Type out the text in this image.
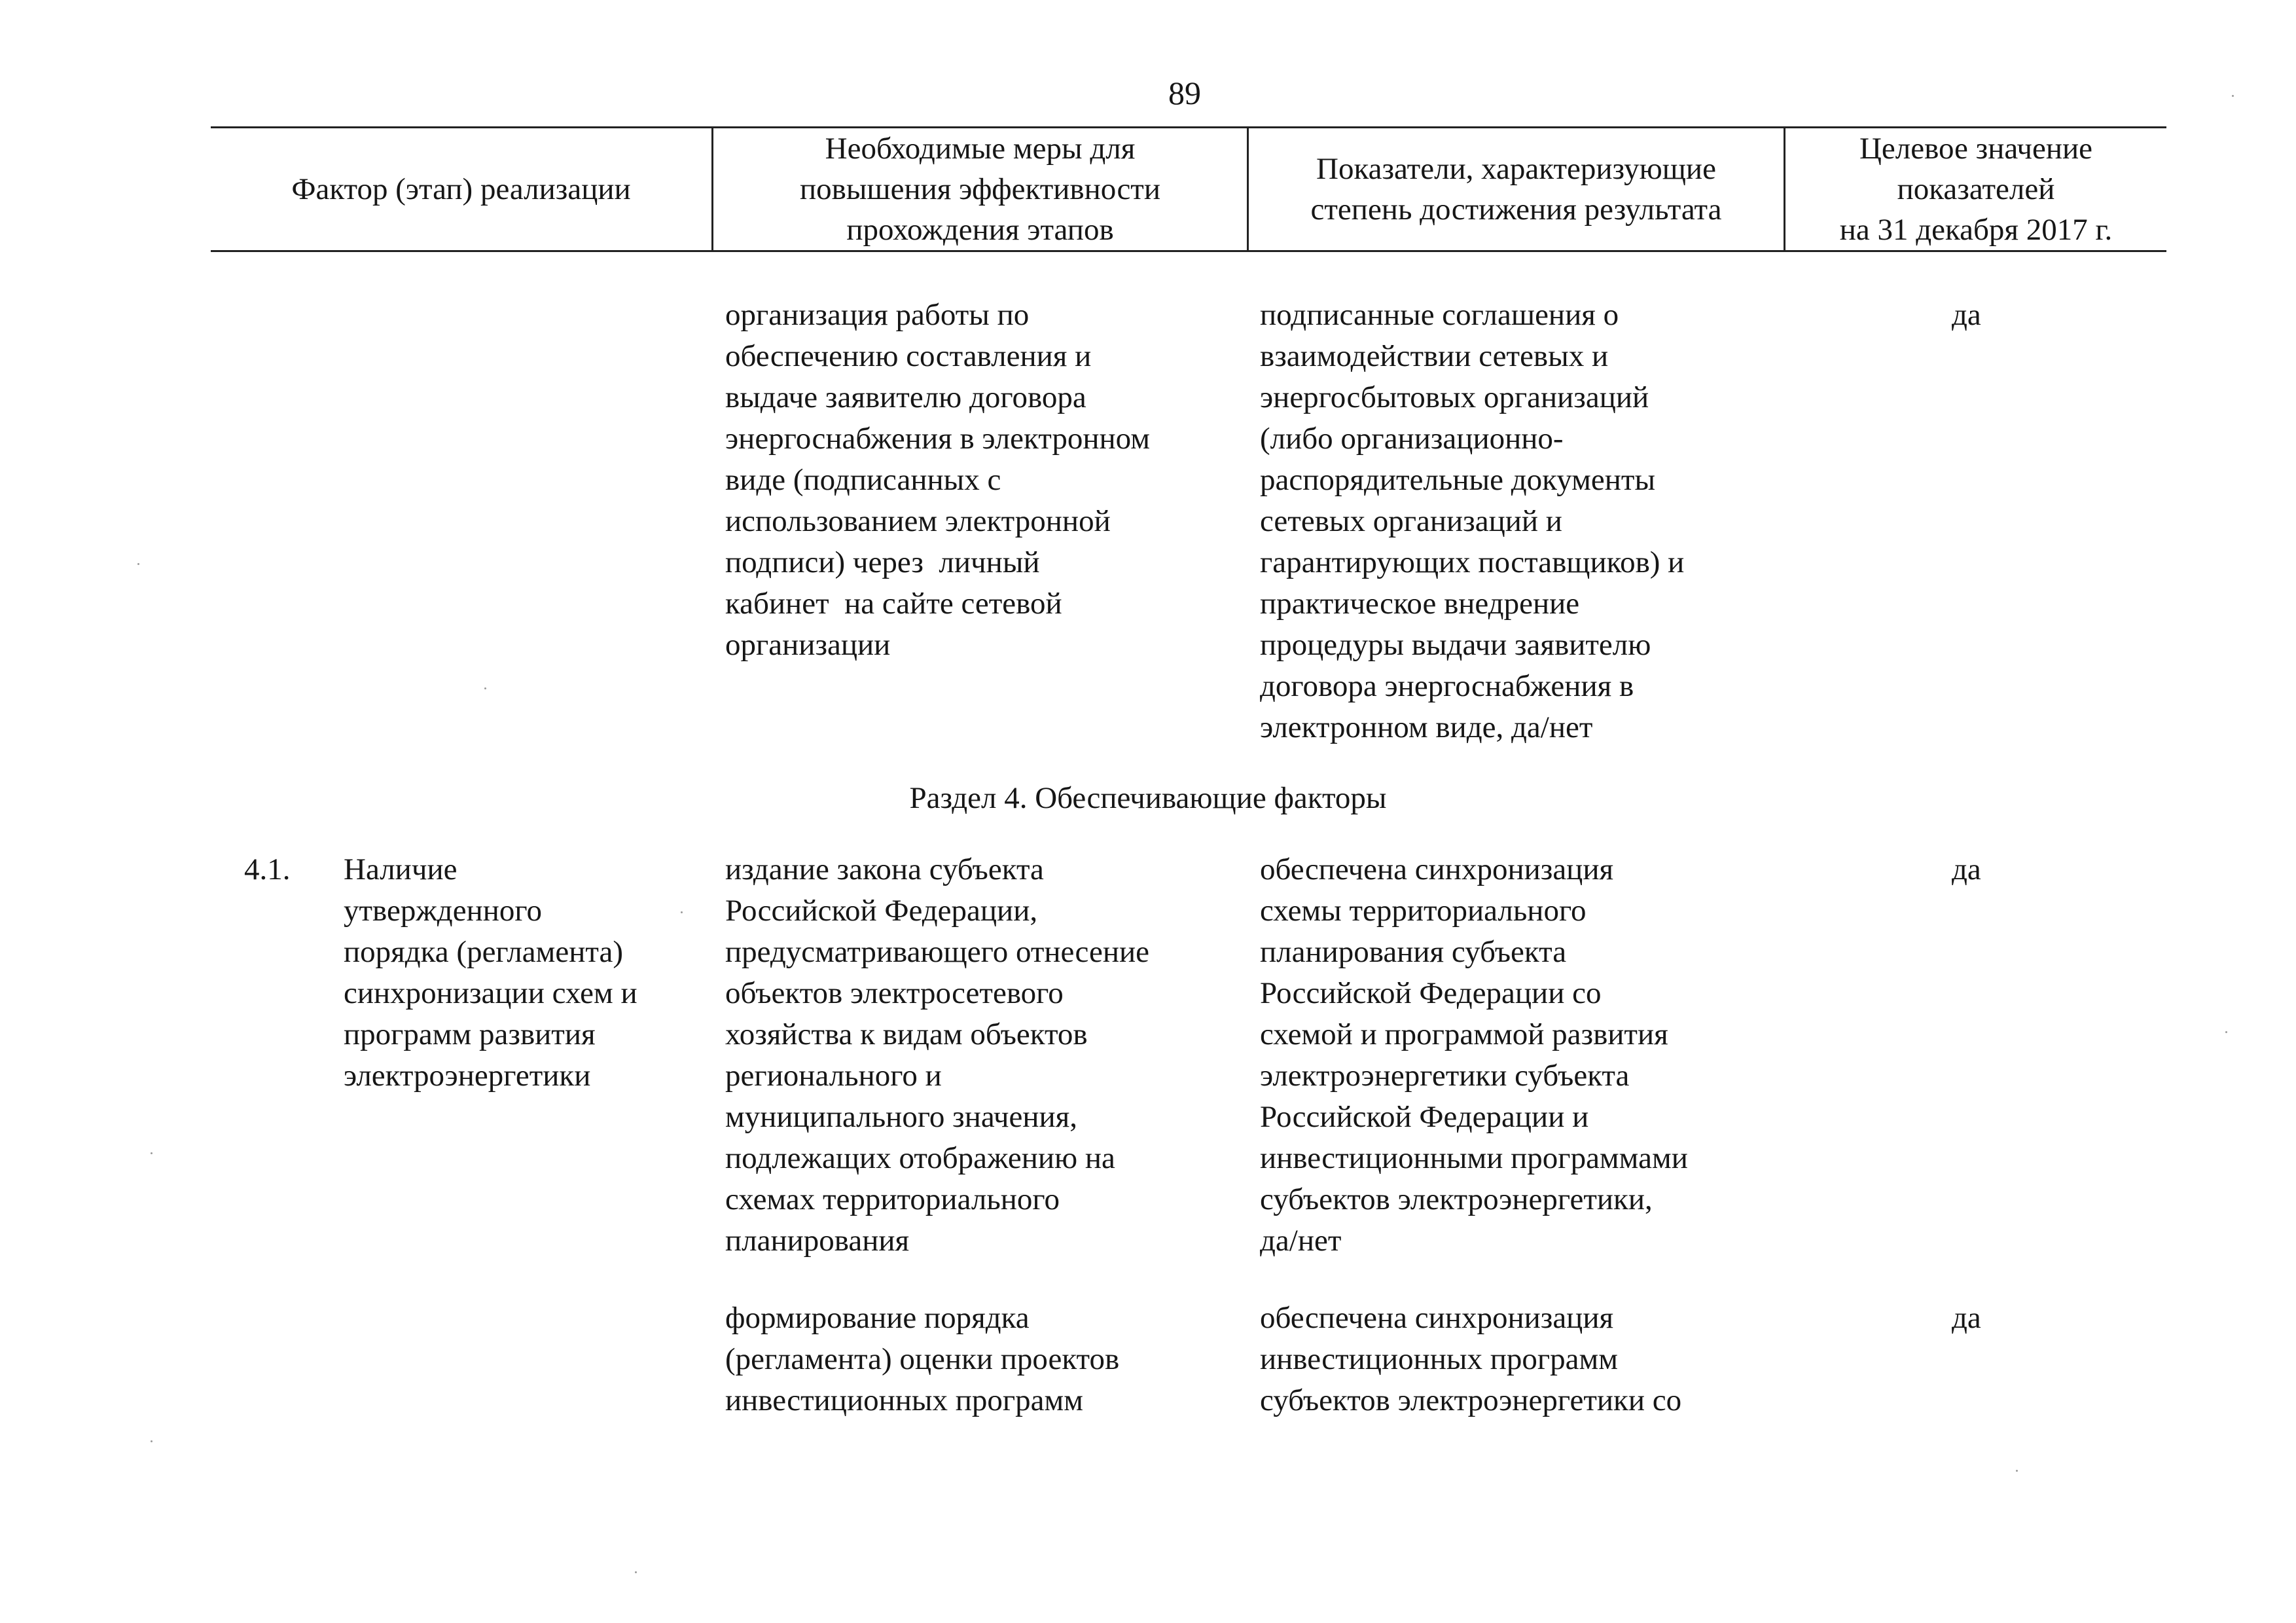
89
Фактор (этап) реализации
Необходимые меры для
повышения эффективности
прохождения этапов
Показатели, характеризующие
степень достижения результата
Целевое значение
показателей
на 31 декабря 2017 г.
организация работы по
обеспечению составления и
выдаче заявителю договора
энергоснабжения в электронном
виде (подписанных с
использованием электронной
подписи) через  личный
кабинет  на сайте сетевой
организации
подписанные соглашения о
взаимодействии сетевых и
энергосбытовых организаций
(либо организационно-
распорядительные документы
сетевых организаций и
гарантирующих поставщиков) и
практическое внедрение
процедуры выдачи заявителю
договора энергоснабжения в
электронном виде, да/нет
да
Раздел 4. Обеспечивающие факторы
4.1. Наличие
утвержденного
порядка (регламента)
синхронизации схем и
программ развития
электроэнергетики
издание закона субъекта
Российской Федерации,
предусматривающего отнесение
объектов электросетевого
хозяйства к видам объектов
регионального и
муниципального значения,
подлежащих отображению на
схемах территориального
планирования
обеспечена синхронизация
схемы территориального
планирования субъекта
Российской Федерации со
схемой и программой развития
электроэнергетики субъекта
Российской Федерации и
инвестиционными программами
субъектов электроэнергетики,
да/нет
да
формирование порядка
(регламента) оценки проектов
инвестиционных программ
обеспечена синхронизация
инвестиционных программ
субъектов электроэнергетики со
да
